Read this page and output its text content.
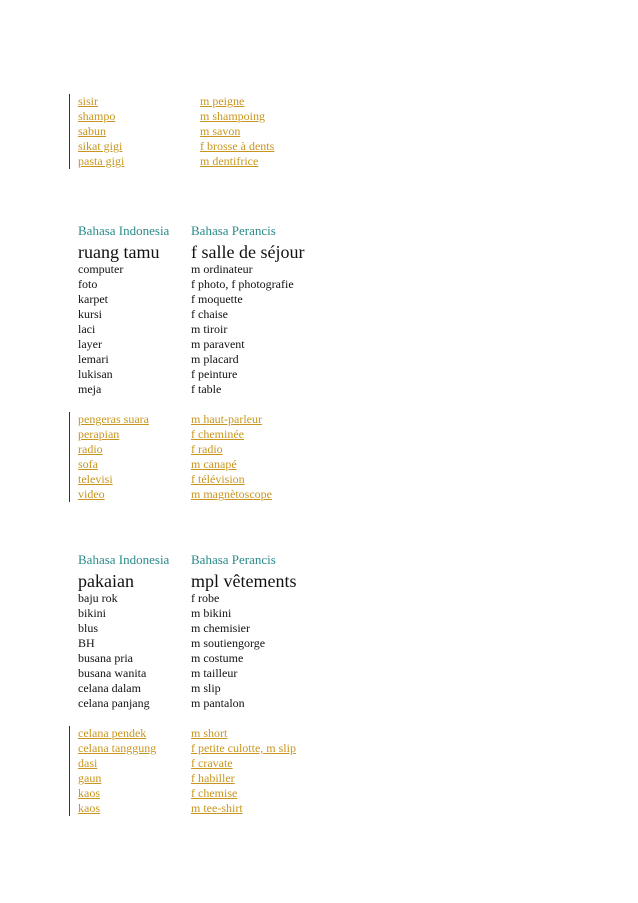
sisir	m peigne
shampo	m shampoing
sabun	m savon
sikat gigi	f brosse à dents
pasta gigi	m dentifrice
Bahasa Indonesia	Bahasa Perancis
ruang tamu	f salle de séjour
computer	m ordinateur
foto	f photo, f photografie
karpet	f moquette
kursi	f chaise
laci	m tiroir
layer	m paravent
lemari	m placard
lukisan	f peinture
meja	f table
pengeras suara	m haut-parleur
perapian	f cheminée
radio	f radio
sofa	m canapé
televisi	f télévision
video	m magnètoscope
Bahasa Indonesia	Bahasa Perancis
pakaian	mpl vêtements
baju rok	f robe
bikini	m bikini
blus	m chemisier
BH	m soutiengorge
busana pria	m costume
busana wanita	m tailleur
celana dalam	m slip
celana panjang	m pantalon
celana pendek	m short
celana tanggung	f petite culotte, m slip
dasi	f cravate
gaun	f habiller
kaos	f chemise
kaos	m tee-shirt
